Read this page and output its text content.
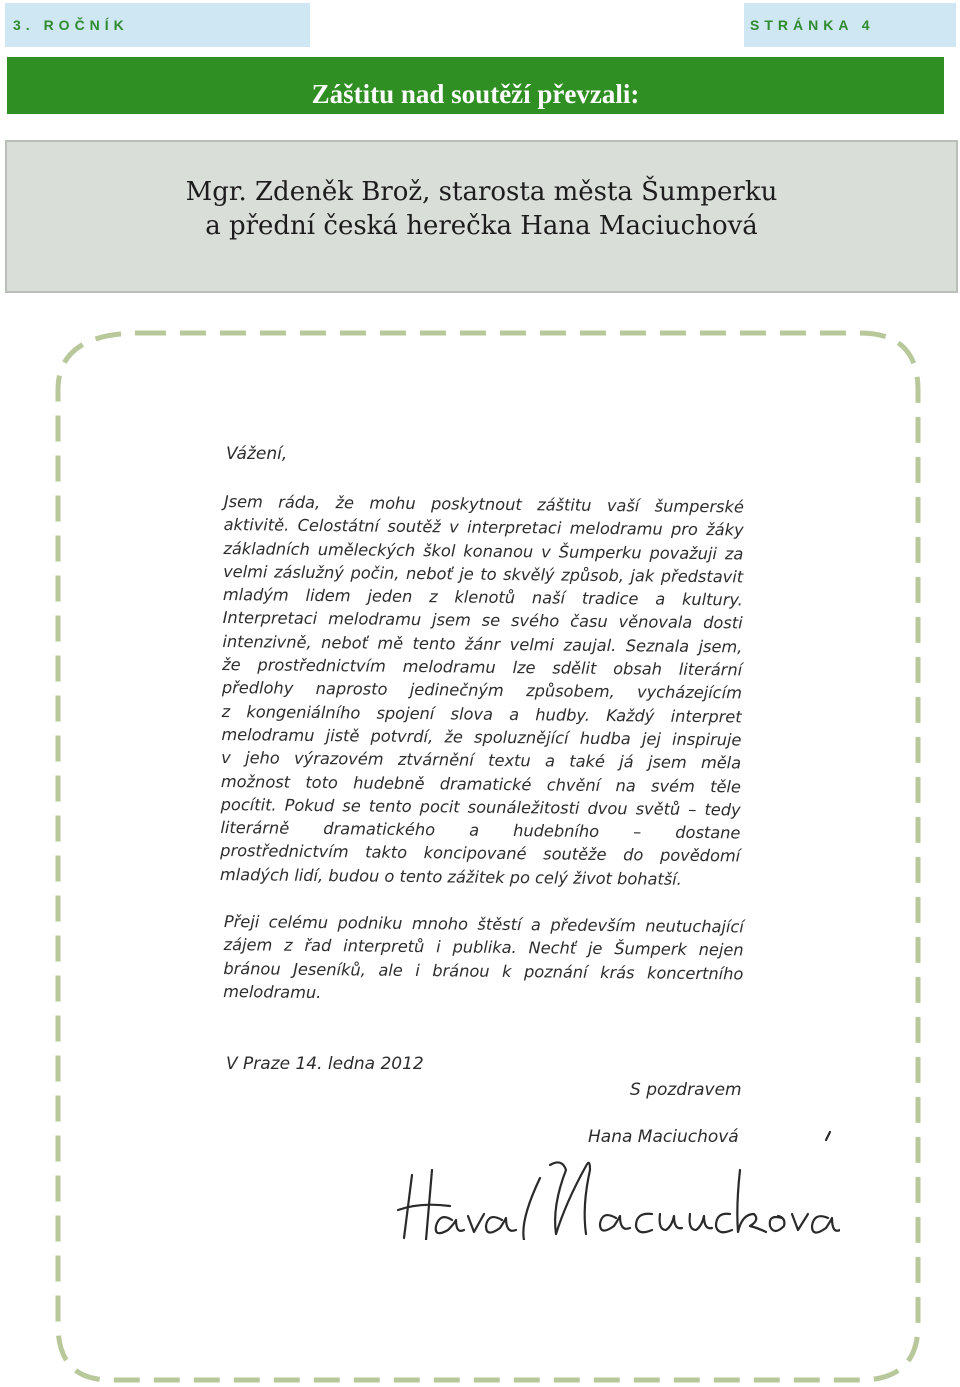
3. ROČNÍK	STRÁNKA 4
Záštitu nad soutěží převzali:
Mgr. Zdeněk Brož, starosta města Šumperku
a přední česká herečka Hana Maciuchová
Vážení,

Jsem ráda, že mohu poskytnout záštitu vaší šumperské

aktivitě. Celostátní soutěž v interpretaci melodramu pro žáky

základních uměleckých škol konanou v Šumperku považuji za

velmi záslužný počin, neboť je to skvělý způsob, jak představit

mladým lidem jeden z klenotů naší tradice a kultury.

Interpretaci melodramu jsem se svého času věnovala dosti

intenzivně, neboť mě tento žánr velmi zaujal. Seznala jsem,

že prostřednictvím melodramu lze sdělit obsah literární

předlohy naprosto jedinečným způsobem, vycházejícím

z kongeniálního spojení slova a hudby. Každý interpret

melodramu jistě potvrdí, že spoluznějící hudba jej inspiruje

v jeho výrazovém ztvárnění textu a také já jsem měla

možnost toto hudebně dramatické chvění na svém těle

pocítit. Pokud se tento pocit sounáležitosti dvou světů – tedy

literárně dramatického a hudebního – dostane

prostřednictvím takto koncipované soutěže do povědomí

mladých lidí, budou o tento zážitek po celý život bohatší.

Přeji celému podniku mnoho štěstí a především neutuchající

zájem z řad interpretů i publika. Nechť je Šumperk nejen

bránou Jeseníků, ale i bránou k poznání krás koncertního

melodramu.

V Praze 14. ledna 2012
S pozdravem
Hana Maciuchová
